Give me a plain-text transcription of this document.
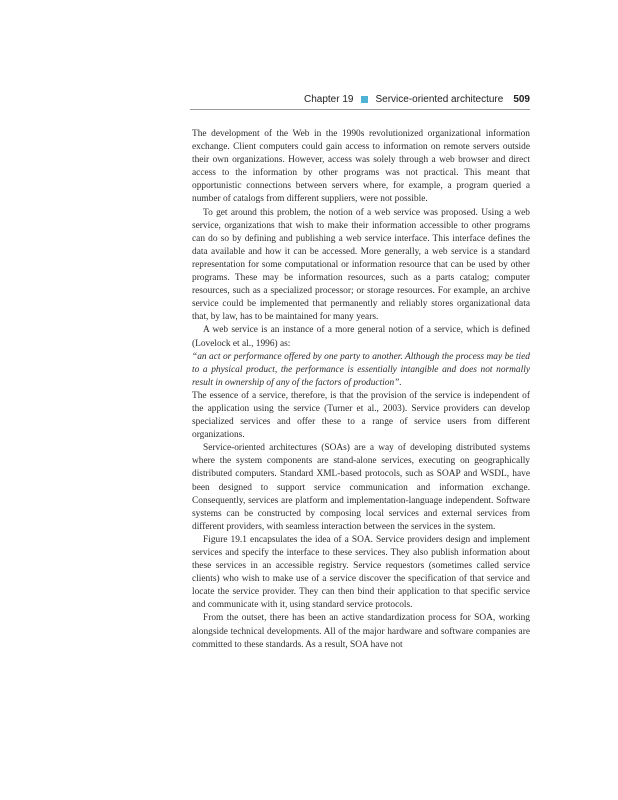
Chapter 19 Service-oriented architecture 509

The development of the Web in the 1990s revolutionized organizational information exchange. Client computers could gain access to information on remote servers outside their own organizations. However, access was solely through a web browser and direct access to the information by other programs was not practical. This meant that opportunistic connections between servers where, for example, a program queried a number of catalogs from different suppliers, were not possible.

To get around this problem, the notion of a web service was proposed. Using a web service, organizations that wish to make their information accessible to other programs can do so by defining and publishing a web service interface. This interface defines the data available and how it can be accessed. More generally, a web service is a standard representation for some computational or information resource that can be used by other programs. These may be information resources, such as a parts catalog; computer resources, such as a specialized processor; or storage resources. For example, an archive service could be implemented that permanently and reliably stores organizational data that, by law, has to be maintained for many years.

A web service is an instance of a more general notion of a service, which is defined (Lovelock et al., 1996) as:

“an act or performance offered by one party to another. Although the process may be tied to a physical product, the performance is essentially intangible and does not normally result in ownership of any of the factors of production”.

The essence of a service, therefore, is that the provision of the service is independent of the application using the service (Turner et al., 2003). Service providers can develop specialized services and offer these to a range of service users from different organizations.

Service-oriented architectures (SOAs) are a way of developing distributed systems where the system components are stand-alone services, executing on geographically distributed computers. Standard XML-based protocols, such as SOAP and WSDL, have been designed to support service communication and information exchange. Consequently, services are platform and implementation-language independent. Software systems can be constructed by composing local services and external services from different providers, with seamless interaction between the services in the system.

Figure 19.1 encapsulates the idea of a SOA. Service providers design and implement services and specify the interface to these services. They also publish information about these services in an accessible registry. Service requestors (sometimes called service clients) who wish to make use of a service discover the specification of that service and locate the service provider. They can then bind their application to that specific service and communicate with it, using standard service protocols.

From the outset, there has been an active standardization process for SOA, working alongside technical developments. All of the major hardware and software companies are committed to these standards. As a result, SOA have not
